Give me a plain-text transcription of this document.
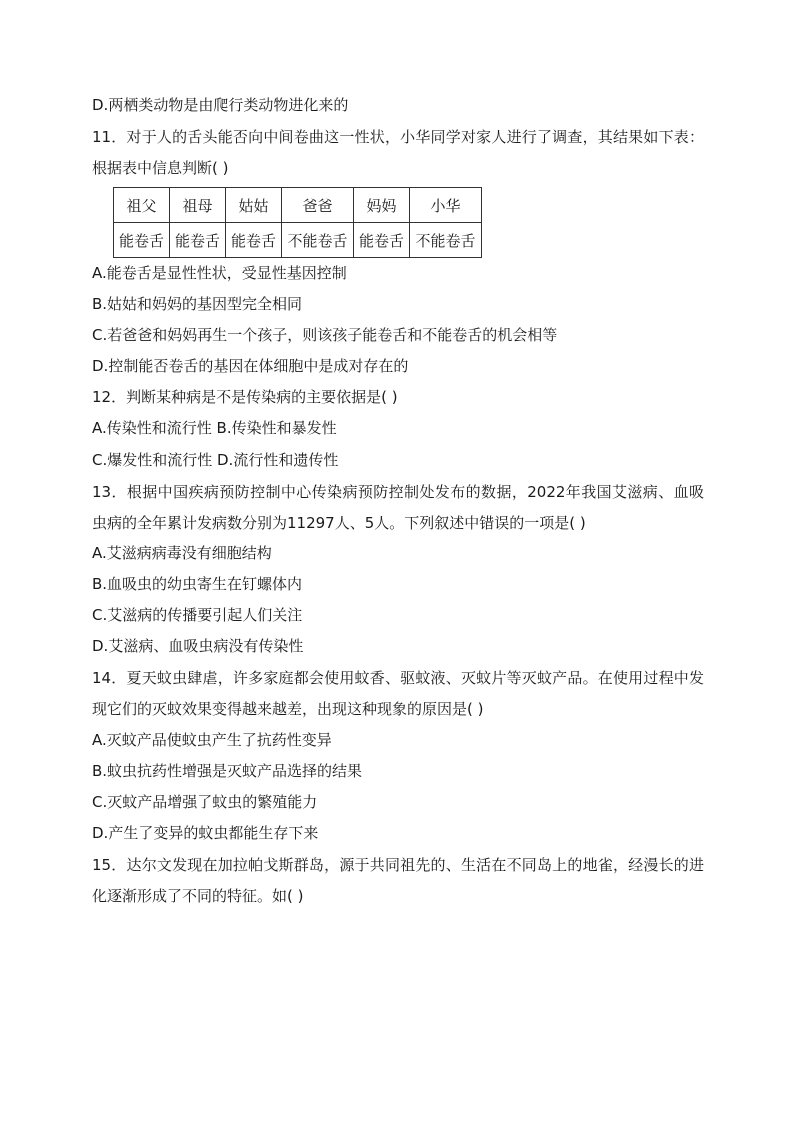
D.两栖类动物是由爬行类动物进化来的
11．对于人的舌头能否向中间卷曲这一性状，小华同学对家人进行了调查，其结果如下表：根据表中信息判断( )
祖父	祖母	姑姑	爸爸	妈妈	小华
能卷舌	能卷舌	能卷舌	不能卷舌	能卷舌	不能卷舌
A.能卷舌是显性性状，受显性基因控制
B.姑姑和妈妈的基因型完全相同
C.若爸爸和妈妈再生一个孩子，则该孩子能卷舌和不能卷舌的机会相等
D.控制能否卷舌的基因在体细胞中是成对存在的
12．判断某种病是不是传染病的主要依据是( )
A.传染性和流行性 B.传染性和暴发性
C.爆发性和流行性 D.流行性和遗传性
13．根据中国疾病预防控制中心传染病预防控制处发布的数据，2022年我国艾滋病、血吸虫病的全年累计发病数分别为11297人、5人。下列叙述中错误的一项是( )
A.艾滋病病毒没有细胞结构
B.血吸虫的幼虫寄生在钉螺体内
C.艾滋病的传播要引起人们关注
D.艾滋病、血吸虫病没有传染性
14．夏天蚊虫肆虐，许多家庭都会使用蚊香、驱蚊液、灭蚊片等灭蚊产品。在使用过程中发现它们的灭蚊效果变得越来越差，出现这种现象的原因是( )
A.灭蚊产品使蚊虫产生了抗药性变异
B.蚊虫抗药性增强是灭蚊产品选择的结果
C.灭蚊产品增强了蚊虫的繁殖能力
D.产生了变异的蚊虫都能生存下来
15．达尔文发现在加拉帕戈斯群岛，源于共同祖先的、生活在不同岛上的地雀，经漫长的进化逐渐形成了不同的特征。如( )
